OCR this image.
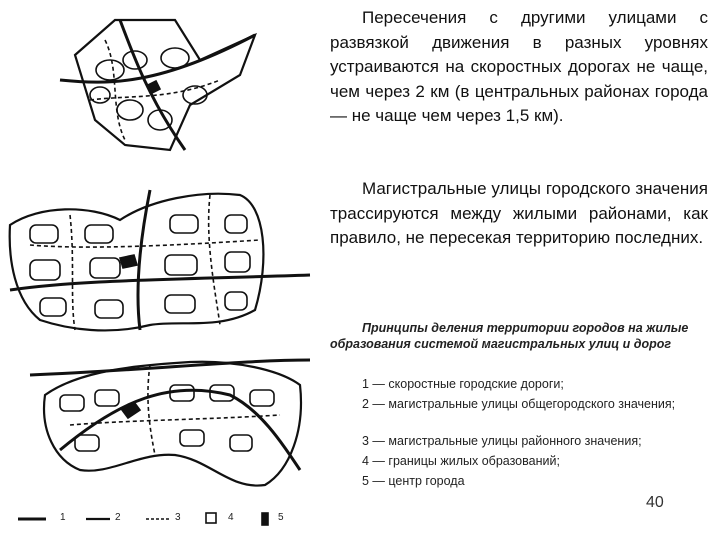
1	2	3	4	5

Пересечения с другими улицами с развязкой движения в разных уровнях устраиваются на скоростных дорогах не чаще, чем через 2 км (в центральных районах города — не чаще чем через 1,5 км).

Магистральные улицы городского значения трассируются между жилыми районами, как правило, не пересекая территорию последних.

Принципы деления территории городов на жилые образования системой магистральных улиц и дорог

1 — скоростные городские дороги;

2 — магистральные улицы общегородского значения;

3 — магистральные улицы районного значения;

4 — границы жилых образований;

5 — центр города

40
